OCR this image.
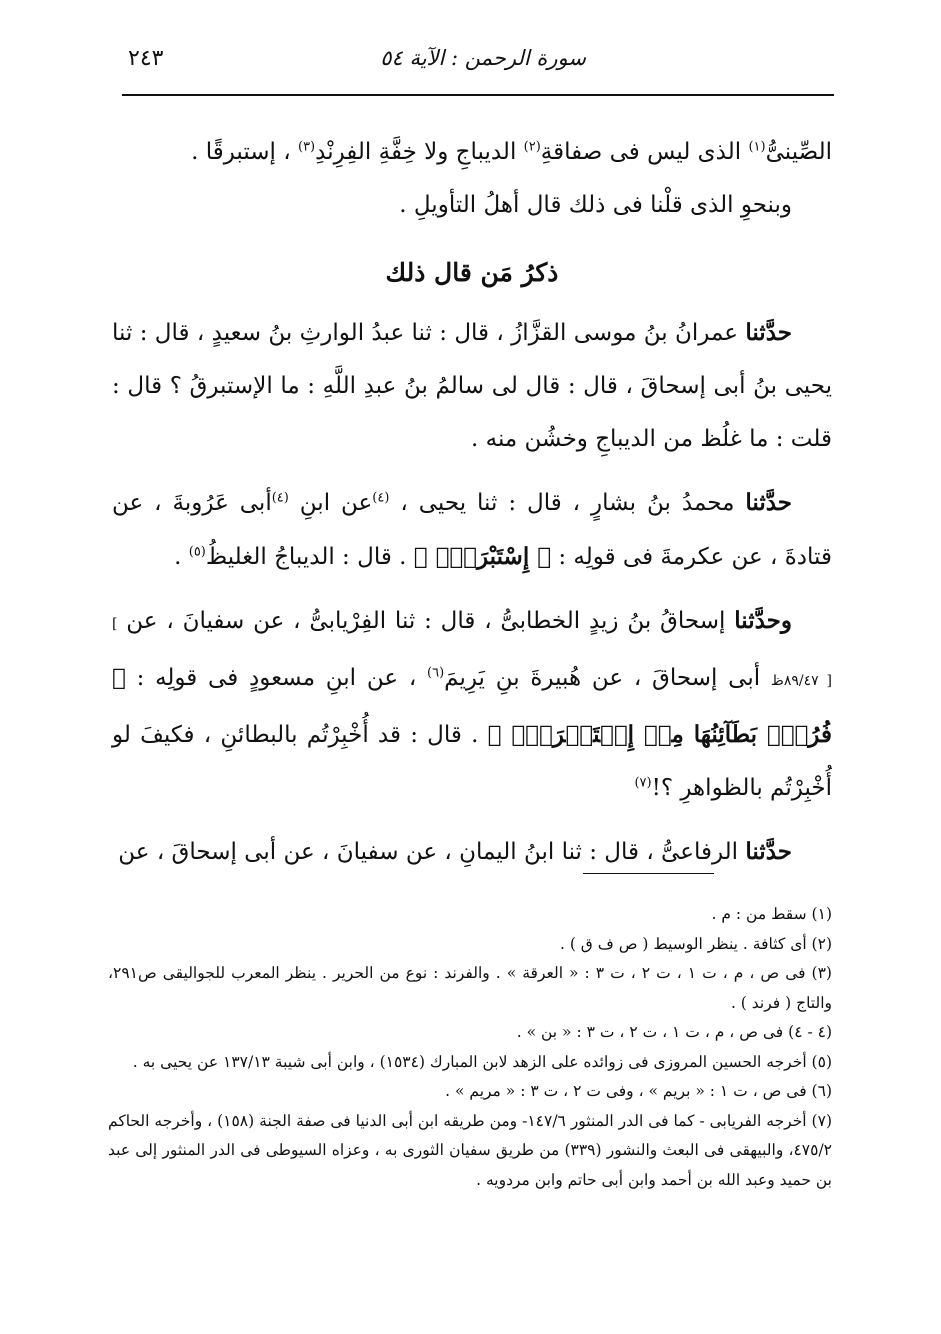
سورة الرحمن : الآية ٥٤
٢٤٣

الصِّينىُّ$^{(١)}$ الذى ليس فى صفاقةِ$^{(٢)}$ الديباجِ ولا خِفَّةِ الفِرِنْدِ$^{(٣)}$ ، إستبرقًا .

وبنحوِ الذى قلْنا فى ذلك قال أهلُ التأويلِ .

ذكرُ مَن قال ذلك

حدَّثنا عمرانُ بنُ موسى القزَّازُ ، قال : ثنا عبدُ الوارثِ بنُ سعيدٍ ، قال : ثنا يحيى بنُ أبى إسحاقَ ، قال : قال لى سالمُ بنُ عبدِ اللَّهِ : ما الإستبرقُ ؟ قال : قلت : ما غلُظ من الديباجِ وخشُن منه .

حدَّثنا محمدُ بنُ بشارٍ ، قال : ثنا يحيى ، $^{(٤)}$عن ابنِ $^{(٤)}$أبى عَرُوبةَ ، عن قتادةَ ، عن عكرمةَ فى قولِه : ﴿ إِسْتَبْرَقٍۚ ﴾ . قال : الديباجُ الغليظُ$^{(٥)}$ .

وحدَّثنا إسحاقُ بنُ زيدٍ الخطابىُّ ، قال : ثنا الفِرْيابىُّ ، عن سفيانَ ، عن [ ٨٩/٤٧ظ ] أبى إسحاقَ ، عن هُبيرةَ بنِ يَرِيمَ$^{(٦)}$ ، عن ابنِ مسعودٍ فى قولِه : ﴿ فُرُشٍۭ بَطَآئِنُهَا مِنۡ إِسۡتَبۡرَقٍۚ ﴾ . قال : قد أُخْبِرْتُم بالبطائنِ ، فكيفَ لو أُخْبِرْتُم بالظواهرِ ؟!$^{(٧)}$

حدَّثنا الرفاعىُّ ، قال : ثنا ابنُ اليمانِ ، عن سفيانَ ، عن أبى إسحاقَ ، عن

(١) سقط من : م .

(٢) أى كثافة . ينظر الوسيط ( ص ف ق ) .

(٣) فى ص ، م ، ت ١ ، ت ٢ ، ت ٣ : « العرقة » . والفرند : نوع من الحرير . ينظر المعرب للجواليقى ص٢٩١، والتاج ( فرند ) .

(٤ - ٤) فى ص ، م ، ت ١ ، ت ٢ ، ت ٣ : « بن » .

(٥) أخرجه الحسين المروزى فى زوائده على الزهد لابن المبارك (١٥٣٤) ، وابن أبى شيبة ١٣٧/١٣ عن يحيى به .

(٦) فى ص ، ت ١ : « بريم » ، وفى ت ٢ ، ت ٣ : « مريم » .

(٧) أخرجه الفريابى - كما فى الدر المنثور ١٤٧/٦- ومن طريقه ابن أبى الدنيا فى صفة الجنة (١٥٨) ، وأخرجه الحاكم ٤٧٥/٢، والبيهقى فى البعث والنشور (٣٣٩) من طريق سفيان الثورى به ، وعزاه السيوطى فى الدر المنثور إلى عبد بن حميد وعبد الله بن أحمد وابن أبى حاتم وابن مردويه .
